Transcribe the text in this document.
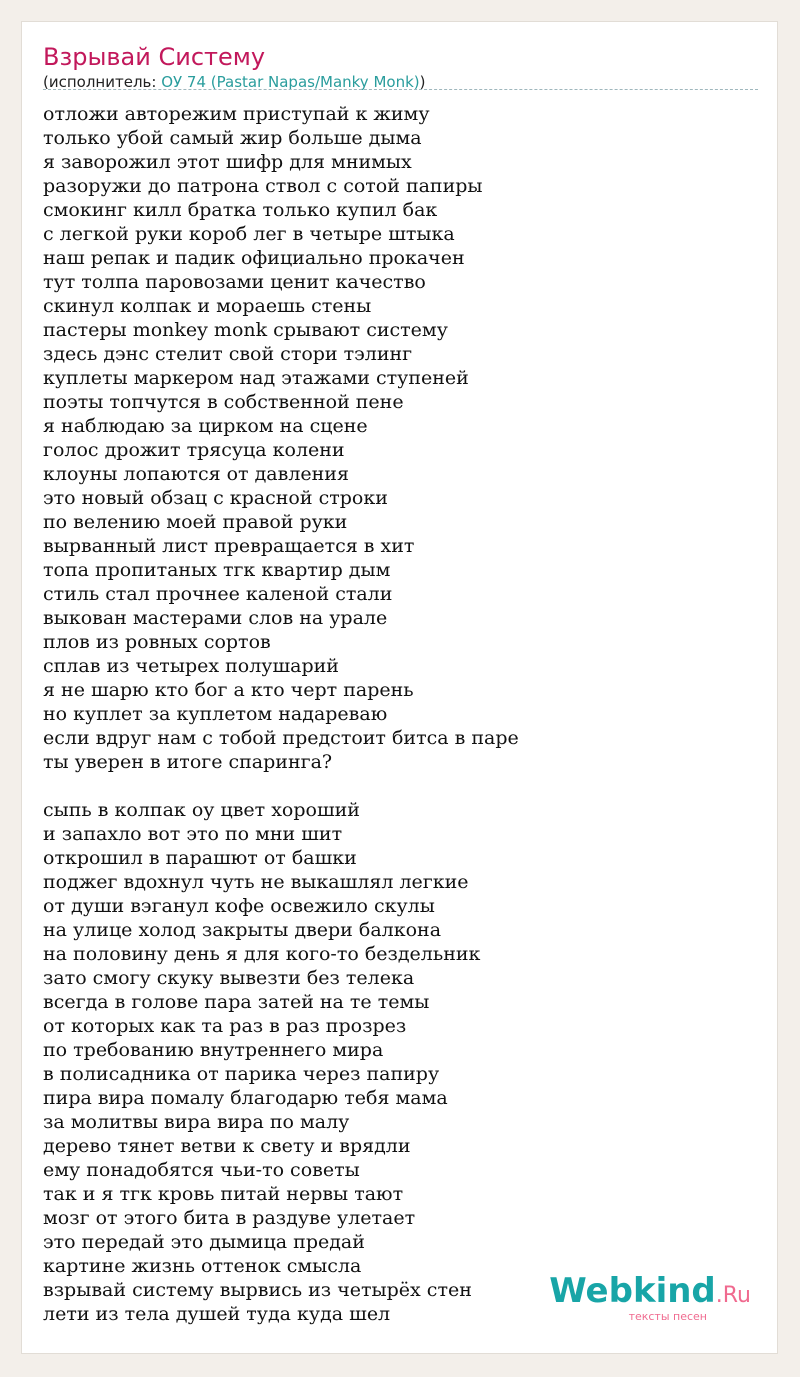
Взрывай Систему
(исполнитель: ОУ 74 (Pastar Napas/Manky Monk))
отложи авторежим приступай к жиму
только убой самый жир больше дыма
я заворожил этот шифр для мнимых
разоружи до патрона ствол с сотой папиры
смокинг килл братка только купил бак
с легкой руки короб лег в четыре штыка
наш репак и падик официально прокачен
тут толпа паровозами ценит качество
скинул колпак и мораешь стены
пастеры monkey monk срывают систему
здесь дэнс стелит свой стори тэлинг
куплеты маркером над этажами ступеней
поэты топчутся в собственной пене
я наблюдаю за цирком на сцене
голос дрожит трясуца колени
клоуны лопаются от давления
это новый обзац с красной строки
по велению моей правой руки
вырванный лист превращается в хит
топа пропитаных тгк квартир дым
стиль стал прочнее каленой стали
выкован мастерами слов на урале
плов из ровных сортов
сплав из четырех полушарий
я не шарю кто бог а кто черт парень
но куплет за куплетом надареваю
если вдруг нам с тобой предстоит битса в паре
ты уверен в итоге спаринга?
сыпь в колпак оу цвет хороший
и запахло вот это по мни шит
открошил в парашют от башки
поджег вдохнул чуть не выкашлял легкие
от души вэганул кофе освежило скулы
на улице холод закрыты двери балкона
на половину день я для кого-то бездельник
зато смогу скуку вывезти без телека
всегда в голове пара затей на те темы
от которых как та раз в раз прозрез
по требованию внутреннего мира
в полисадника от парика через папиру
пира вира помалу благодарю тебя мама
за молитвы вира вира по малу
дерево тянет ветви к свету и врядли
ему понадобятся чьи-то советы
так и я тгк кровь питай нервы тают
мозг от этого бита в раздуве улетает
это передай это дымица предай
картине жизнь оттенок смысла
взрывай систему вырвись из четырёх стен
лети из тела душей туда куда шел
Webkind.Ru
тексты песен
